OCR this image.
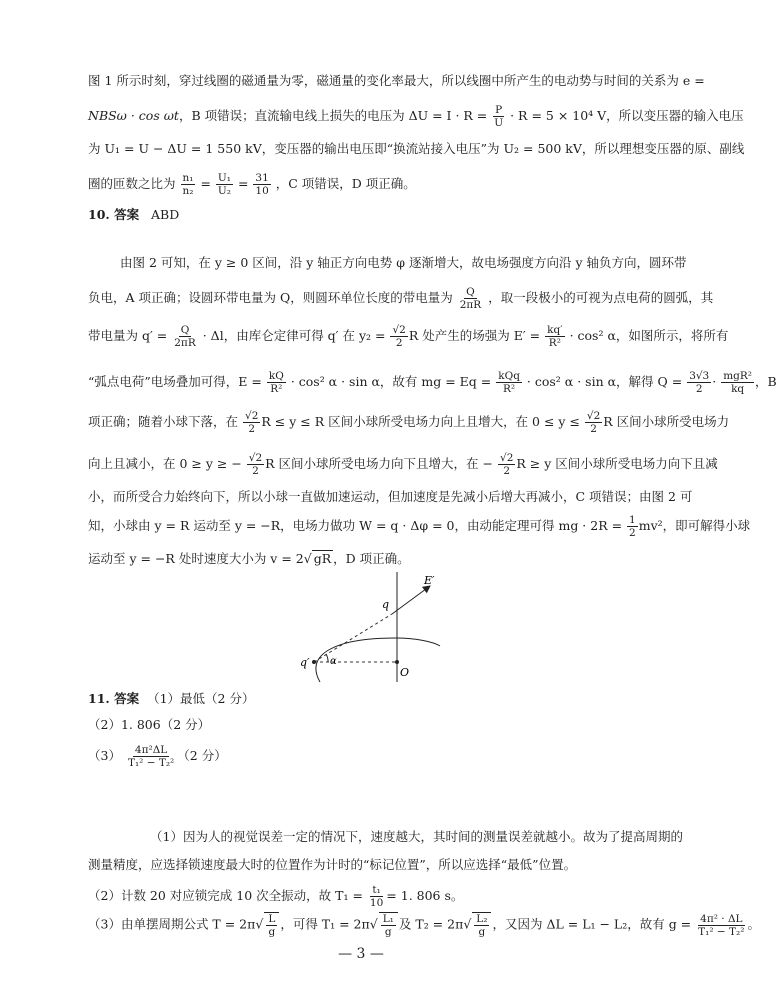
图 1 所示时刻，穿过线圈的磁通量为零，磁通量的变化率最大，所以线圈中所产生的电动势与时间的关系为 e =
NBSω · cos ωt，B 项错误；直流输电线上损失的电压为 $\Delta U = I \cdot R = \frac{P}{U} \cdot R = 5 \times 10^4$ V，所以变压器的输入电压
为 U₁ = U − ΔU = 1 550 kV，变压器的输出电压即“换流站接入电压”为 U₂ = 500 kV，所以理想变压器的原、副线
圈的匝数之比为 $\frac{\text{n₁}}{\text{n₂}} = \frac{\text{U₁}}{\text{U₂}} = \frac{31}{10}$ ，C 项错误，D 项正确。
10. 答案 ABD
由图 2 可知，在 y ≥ 0 区间，沿 y 轴正方向电势 φ 逐渐增大，故电场强度方向沿 y 轴负方向，圆环带
负电，A 项正确；设圆环带电量为 Q，则圆环单位长度的带电量为 $\frac{Q}{2\pi R}$ ，取一段极小的可视为点电荷的圆弧，其
带电量为 $q' = \frac{Q}{2\pi R} \cdot \Delta l$，由库仑定律可得 q′ 在 $y_2 = \frac{√2}{2}$ R 处产生的场强为 $E' = \frac{kq'}{\text{R²}} \cdot \cos^2$ α，如图所示，将所有
“弧点电荷”电场叠加可得，$E = \frac{kQ}{\text{R²}} \cdot \cos^2$ α · sin α，故有 mg = $Eq = \frac{\text{kQq}}{\text{R²}} \cdot \cos^2$ α · sin α，解得 $Q = \frac{3√3}{2} \cdot \frac{\text{mgR²}}{kq}$ ，B
项正确；随着小球下落，在 $\frac{√2}{2}$ R ≤ y ≤ R 区间小球所受电场力向上且增大，在 $0 \le y \le \frac{√2}{2}$ R 区间小球所受电场力
向上且减小，在 0 ≥ y ≥ − $\frac{√2}{2}$ R 区间小球所受电场力向下且增大，在 − $\frac{√2}{2}$ R ≥ y 区间小球所受电场力向下且减
小，而所受合力始终向下，所以小球一直做加速运动，但加速度是先减小后增大再减小，C 项错误；由图 2 可
知，小球由 y = R 运动至 y = −R，电场力做功 W = q · Δφ = 0，由动能定理可得 mg · $2R = \frac{1}{2} mv^2$，即可解得小球
运动至 y = −R 处时速度大小为 v = 2√ gR ，D 项正确。
E′
q
q′ α
O
11. 答案 （1）最低（2 分）
（2）1. 806（2 分）
$(3) \frac{\text{4π²ΔL}}{\text{T₁² − T₂²}} (2$ 分）
（1）因为人的视觉误差一定的情况下，速度越大，其时间的测量误差就越小。故为了提高周期的
测量精度，应选择锁速度最大时的位置作为计时的“标记位置”，所以应选择“最低”位置。
（2）计数 20 对应锁完成 10 次全振动，故 $T_1 = \frac{\text{t₁}}{10} = 1$. 806 s。
（3）由单摆周期公式 $T = 2\pi√ \frac{L}{g}$ ，可得 $T_1 = 2\pi√ \frac{\text{L₁}}{g}$ 及 $T_2 = 2\pi√ \frac{\text{L₂}}{g}$ ，又因为 ΔL = L₁ − L₂，故有 $g = \frac{\text{4π² · ΔL}}{\text{T₁² − T₂²}}$ 。
— 3 —
